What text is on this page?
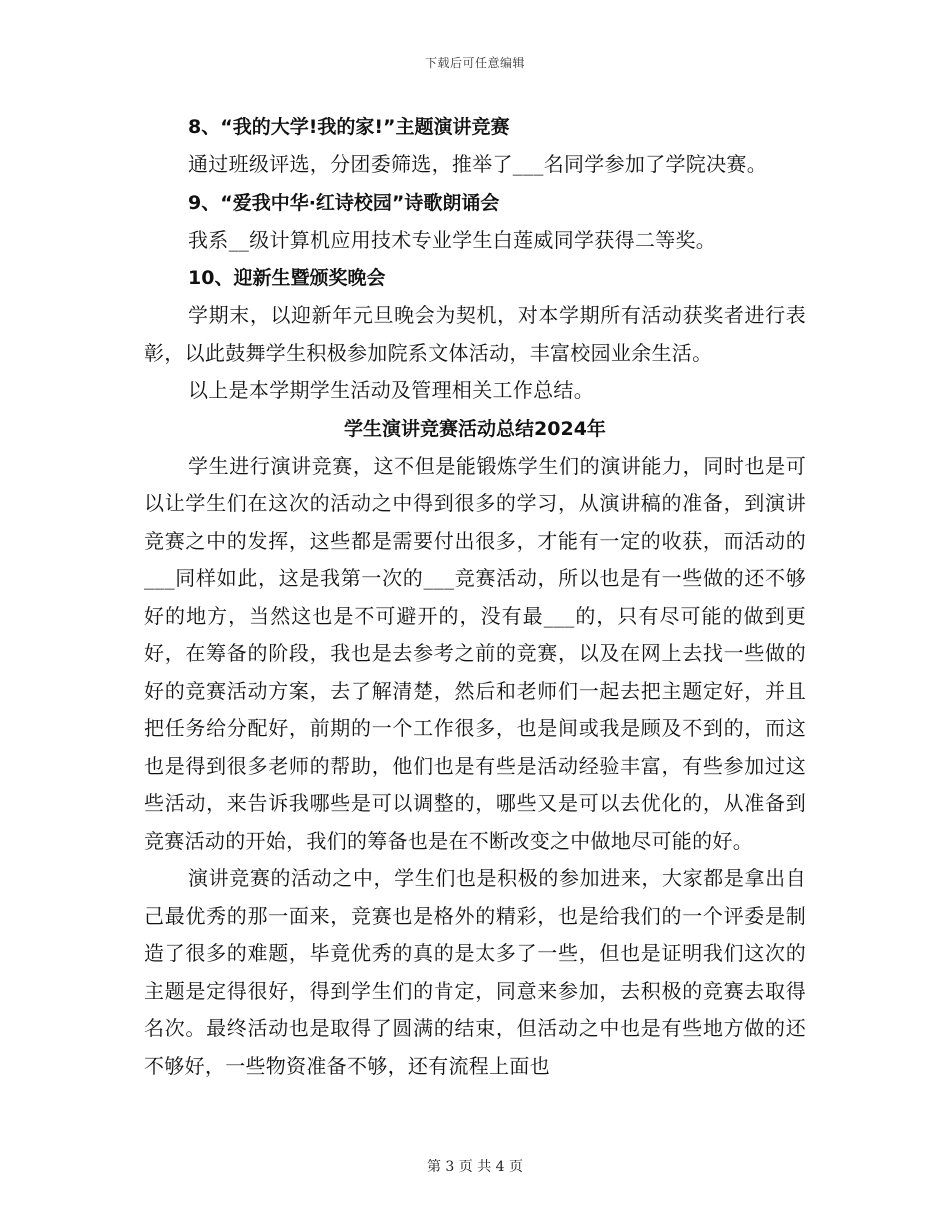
下载后可任意编辑

8、“我的大学!我的家!”主题演讲竞赛

通过班级评选，分团委筛选，推举了___名同学参加了学院决赛。

9、“爱我中华·红诗校园”诗歌朗诵会

我系__级计算机应用技术专业学生白莲威同学获得二等奖。

10、迎新生暨颁奖晚会

学期末，以迎新年元旦晚会为契机，对本学期所有活动获奖者进行表彰，以此鼓舞学生积极参加院系文体活动，丰富校园业余生活。

以上是本学期学生活动及管理相关工作总结。

学生演讲竞赛活动总结2024年

学生进行演讲竞赛，这不但是能锻炼学生们的演讲能力，同时也是可以让学生们在这次的活动之中得到很多的学习，从演讲稿的准备，到演讲竞赛之中的发挥，这些都是需要付出很多，才能有一定的收获，而活动的___同样如此，这是我第一次的___竞赛活动，所以也是有一些做的还不够好的地方，当然这也是不可避开的，没有最___的，只有尽可能的做到更好，在筹备的阶段，我也是去参考之前的竞赛，以及在网上去找一些做的好的竞赛活动方案，去了解清楚，然后和老师们一起去把主题定好，并且把任务给分配好，前期的一个工作很多，也是间或我是顾及不到的，而这也是得到很多老师的帮助，他们也是有些是活动经验丰富，有些参加过这些活动，来告诉我哪些是可以调整的，哪些又是可以去优化的，从准备到竞赛活动的开始，我们的筹备也是在不断改变之中做地尽可能的好。

演讲竞赛的活动之中，学生们也是积极的参加进来，大家都是拿出自己最优秀的那一面来，竞赛也是格外的精彩，也是给我们的一个评委是制造了很多的难题，毕竟优秀的真的是太多了一些，但也是证明我们这次的主题是定得很好，得到学生们的肯定，同意来参加，去积极的竞赛去取得名次。最终活动也是取得了圆满的结束，但活动之中也是有些地方做的还不够好，一些物资准备不够，还有流程上面也

第 3 页 共 4 页
